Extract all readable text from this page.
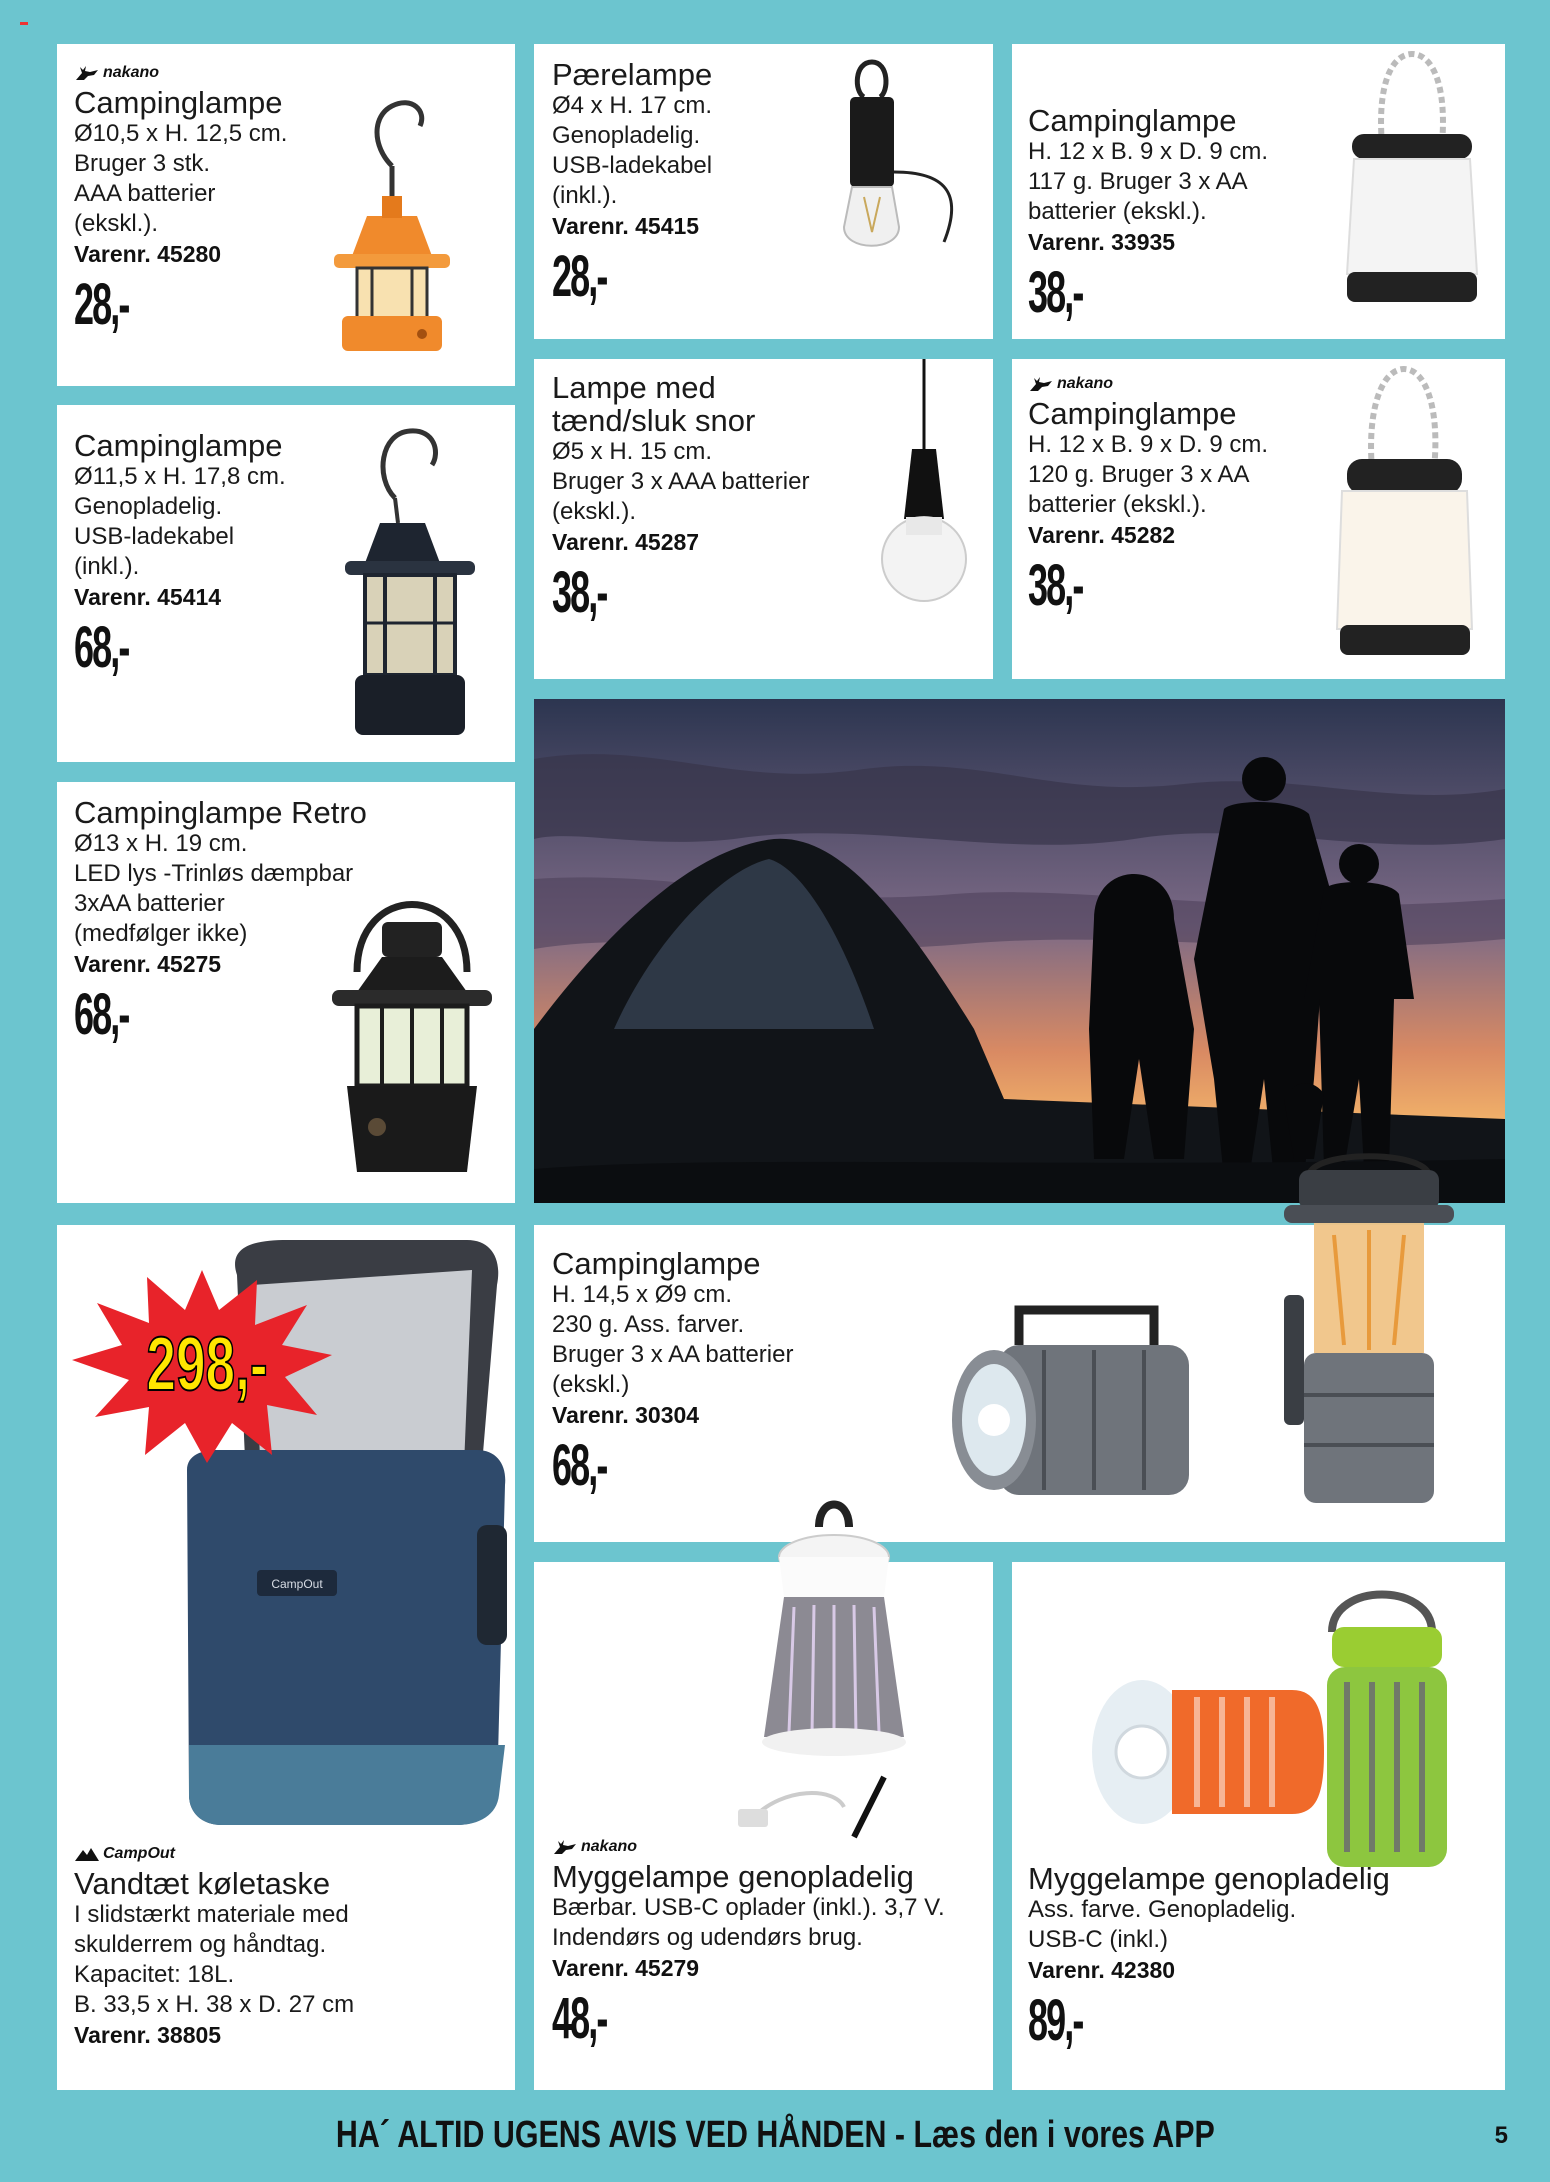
nakano
Campinglampe
Ø10,5 x H. 12,5 cm.
Bruger 3 stk.
AAA batterier
(ekskl.).
Varenr. 45280
28,-
Pærelampe
Ø4 x H. 17 cm.
Genopladelig.
USB-ladekabel
(inkl.).
Varenr. 45415
28,-
Campinglampe
H. 12 x B. 9 x D. 9 cm.
117 g. Bruger 3 x AA
batterier (ekskl.).
Varenr. 33935
38,-
Campinglampe
Ø11,5 x H. 17,8 cm.
Genopladelig.
USB-ladekabel
(inkl.).
Varenr. 45414
68,-
Lampe med
tænd/sluk snor
Ø5 x H. 15 cm.
Bruger 3 x AAA batterier
(ekskl.).
Varenr. 45287
38,-
nakano
Campinglampe
H. 12 x B. 9 x D. 9 cm.
120 g. Bruger 3 x AA
batterier (ekskl.).
Varenr. 45282
38,-
Campinglampe Retro
Ø13 x H. 19 cm.
LED lys -Trinløs dæmpbar
3xAA batterier
(medfølger ikke)
Varenr. 45275
68,-
CampOut
298,-
CampOut
Vandtæt køletaske
I slidstærkt materiale med
skulderrem og håndtag.
Kapacitet: 18L.
B. 33,5 x H. 38 x D. 27 cm
Varenr. 38805
Campinglampe
H. 14,5 x Ø9 cm.
230 g. Ass. farver.
Bruger 3 x AA batterier
(ekskl.)
Varenr. 30304
68,-
nakano
Myggelampe genopladelig
Bærbar. USB-C oplader (inkl.). 3,7 V.
Indendørs og udendørs brug.
Varenr. 45279
48,-
Myggelampe genopladelig
Ass. farve. Genopladelig.
USB-C (inkl.)
Varenr. 42380
89,-
HA´ ALTID UGENS AVIS VED HÅNDEN - Læs den i vores APP	5
